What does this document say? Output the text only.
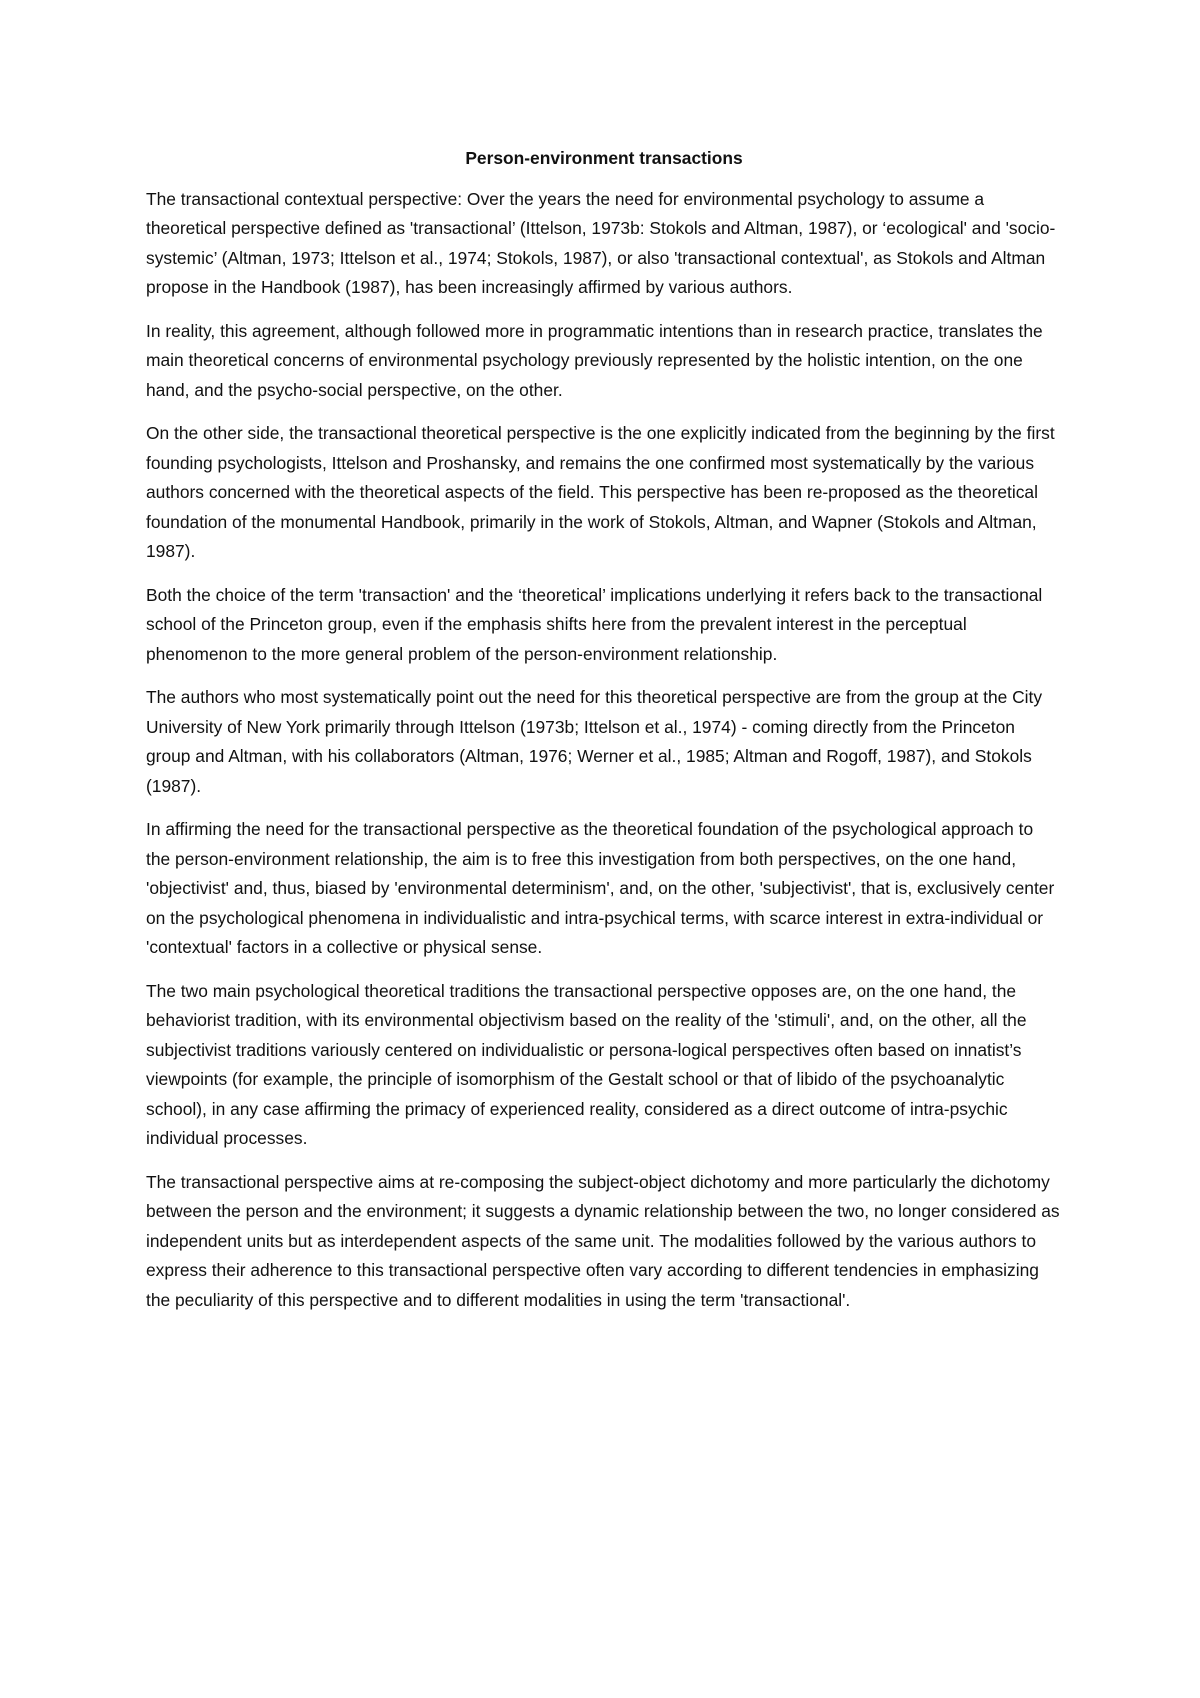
Person-environment transactions

The transactional contextual perspective: Over the years the need for environmental psychology to assume a theoretical perspective defined as 'transactional’ (Ittelson, 1973b: Stokols and Altman, 1987), or ‘ecological' and 'socio-systemic’ (Altman, 1973; Ittelson et al., 1974; Stokols, 1987), or also 'transactional contextual', as Stokols and Altman propose in the Handbook (1987), has been increasingly affirmed by various authors.

In reality, this agreement, although followed more in programmatic intentions than in research practice, translates the main theoretical concerns of environmental psychology previously represented by the holistic intention, on the one hand, and the psycho-social perspective, on the other.

On the other side, the transactional theoretical perspective is the one explicitly indicated from the beginning by the first founding psychologists, Ittelson and Proshansky, and remains the one confirmed most systematically by the various authors concerned with the theoretical aspects of the field. This perspective has been re-proposed as the theoretical foundation of the monumental Handbook, primarily in the work of Stokols, Altman, and Wapner (Stokols and Altman, 1987).

Both the choice of the term 'transaction' and the ‘theoretical’ implications underlying it refers back to the transactional school of the Princeton group, even if the emphasis shifts here from the prevalent interest in the perceptual phenomenon to the more general problem of the person-environment relationship.

The authors who most systematically point out the need for this theoretical perspective are from the group at the City University of New York primarily through Ittelson (1973b; Ittelson et al., 1974) - coming directly from the Princeton group and Altman, with his collaborators (Altman, 1976; Werner et al., 1985; Altman and Rogoff, 1987), and Stokols (1987).

In affirming the need for the transactional perspective as the theoretical foundation of the psychological approach to the person-environment relationship, the aim is to free this investigation from both perspectives, on the one hand, 'objectivist' and, thus, biased by 'environmental determinism', and, on the other, 'subjectivist', that is, exclusively center on the psychological phenomena in individualistic and intra-psychical terms, with scarce interest in extra-individual or 'contextual' factors in a collective or physical sense.

The two main psychological theoretical traditions the transactional perspective opposes are, on the one hand, the behaviorist tradition, with its environmental objectivism based on the reality of the 'stimuli', and, on the other, all the subjectivist traditions variously centered on individualistic or persona-logical perspectives often based on innatist’s viewpoints (for example, the principle of isomorphism of the Gestalt school or that of libido of the psychoanalytic school), in any case affirming the primacy of experienced reality, considered as a direct outcome of intra-psychic individual processes.

The transactional perspective aims at re-composing the subject-object dichotomy and more particularly the dichotomy between the person and the environment; it suggests a dynamic relationship between the two, no longer considered as independent units but as interdependent aspects of the same unit. The modalities followed by the various authors to express their adherence to this transactional perspective often vary according to different tendencies in emphasizing the peculiarity of this perspective and to different modalities in using the term 'transactional'.
